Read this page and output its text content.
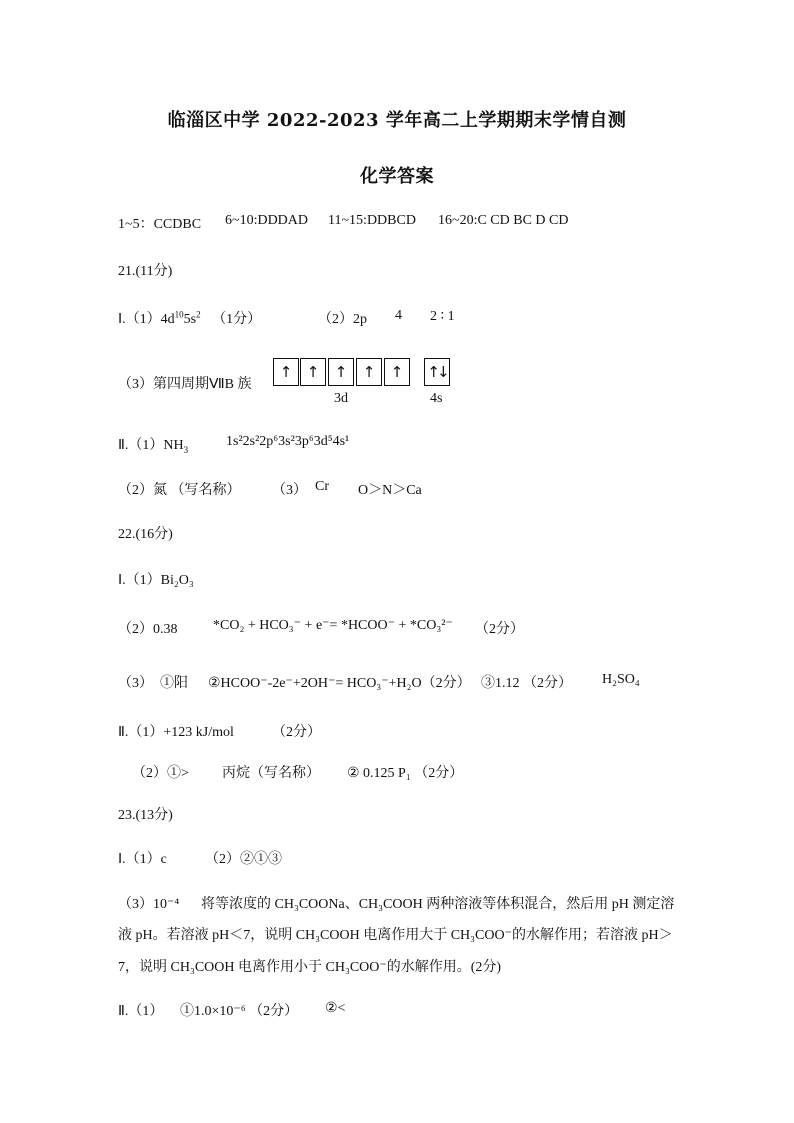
临淄区中学 2022-2023 学年高二上学期期末学情自测
化学答案
1~5：CCDBC 6~10:DDDAD 11~15:DDBCD 16~20:C CD BC D CD
21.(11分)
$Ⅰ.(1)4d^{10}5s^2$ （1分）	（2）2p 4 2 ∶ 1
（3）第四周期ⅦB 族
↑ ↑	↑	↑	↑	↑↓
3d	4s
$Ⅱ.(1)NH_3$
1s²2s²2p⁶3s²3p⁶3d⁵4s¹
（2）氮 （写名称） （3） Cr O＞N＞Ca
22.(16分)
Ⅰ.（1）Bi₂O₃
（2）0.38	*CO₂ + HCO₃⁻ + e⁻= *HCOO⁻ + *CO₃²⁻ （2分）
（3） ①阳 ②HCOO⁻-2e⁻+2OH⁻= HCO₃⁻+H₂O（2分） ③1.12 （2分） H₂SO₄
Ⅱ.（1）+123 kJ/mol	（2分）
（2）①> 丙烷（写名称） ② 0.125 P₁ （2分）
23.(13分)
Ⅰ.（1）c	（2）②①③
（3）10⁻⁴ 将等浓度的 CH₃COONa、CH₃COOH 两种溶液等体积混合，然后用 pH 测定溶
液 pH。若溶液 pH＜7，说明 CH₃COOH 电离作用大于 CH₃COO⁻的水解作用；若溶液 pH＞
7，说明 CH₃COOH 电离作用小于 CH₃COO⁻的水解作用。(2分)
Ⅱ.（1） ①1.0×10⁻⁶ （2分） ②<
